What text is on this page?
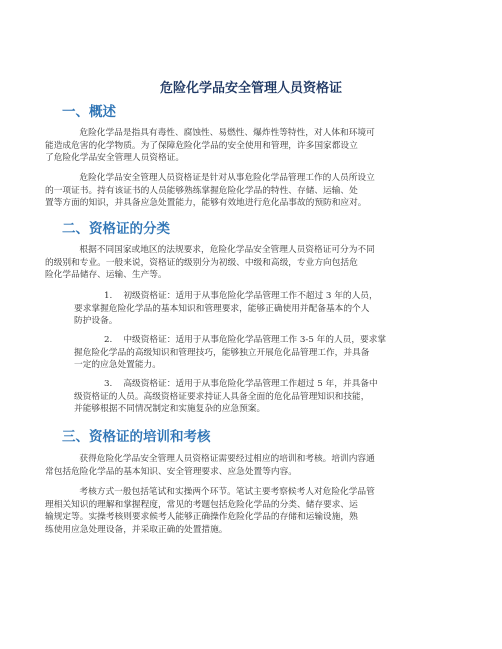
危险化学品安全管理人员资格证
一、概述
危险化学品是指具有毒性、腐蚀性、易燃性、爆炸性等特性，对人体和环境可
能造成危害的化学物质。为了保障危险化学品的安全使用和管理，许多国家都设立
了危险化学品安全管理人员资格证。
危险化学品安全管理人员资格证是针对从事危险化学品管理工作的人员所设立
的一项证书。持有该证书的人员能够熟练掌握危险化学品的特性、存储、运输、处
置等方面的知识，并具备应急处置能力，能够有效地进行危化品事故的预防和应对。
二、资格证的分类
根据不同国家或地区的法规要求，危险化学品安全管理人员资格证可分为不同
的级别和专业。一般来说，资格证的级别分为初级、中级和高级，专业方向包括危
险化学品储存、运输、生产等。
1. 初级资格证：适用于从事危险化学品管理工作不超过 3 年的人员，
要求掌握危险化学品的基本知识和管理要求，能够正确使用并配备基本的个人
防护设备。
2. 中级资格证：适用于从事危险化学品管理工作 3-5 年的人员，要求掌
握危险化学品的高级知识和管理技巧，能够独立开展危化品管理工作，并具备
一定的应急处置能力。
3. 高级资格证：适用于从事危险化学品管理工作超过 5 年，并具备中
级资格证的人员。高级资格证要求持证人具备全面的危化品管理知识和技能，
并能够根据不同情况制定和实施复杂的应急预案。
三、资格证的培训和考核
获得危险化学品安全管理人员资格证需要经过相应的培训和考核。培训内容通
常包括危险化学品的基本知识、安全管理要求、应急处置等内容。
考核方式一般包括笔试和实操两个环节。笔试主要考察候考人对危险化学品管
理相关知识的理解和掌握程度，常见的考题包括危险化学品的分类、储存要求、运
输规定等。实操考核则要求候考人能够正确操作危险化学品的存储和运输设施，熟
练使用应急处理设备，并采取正确的处置措施。
